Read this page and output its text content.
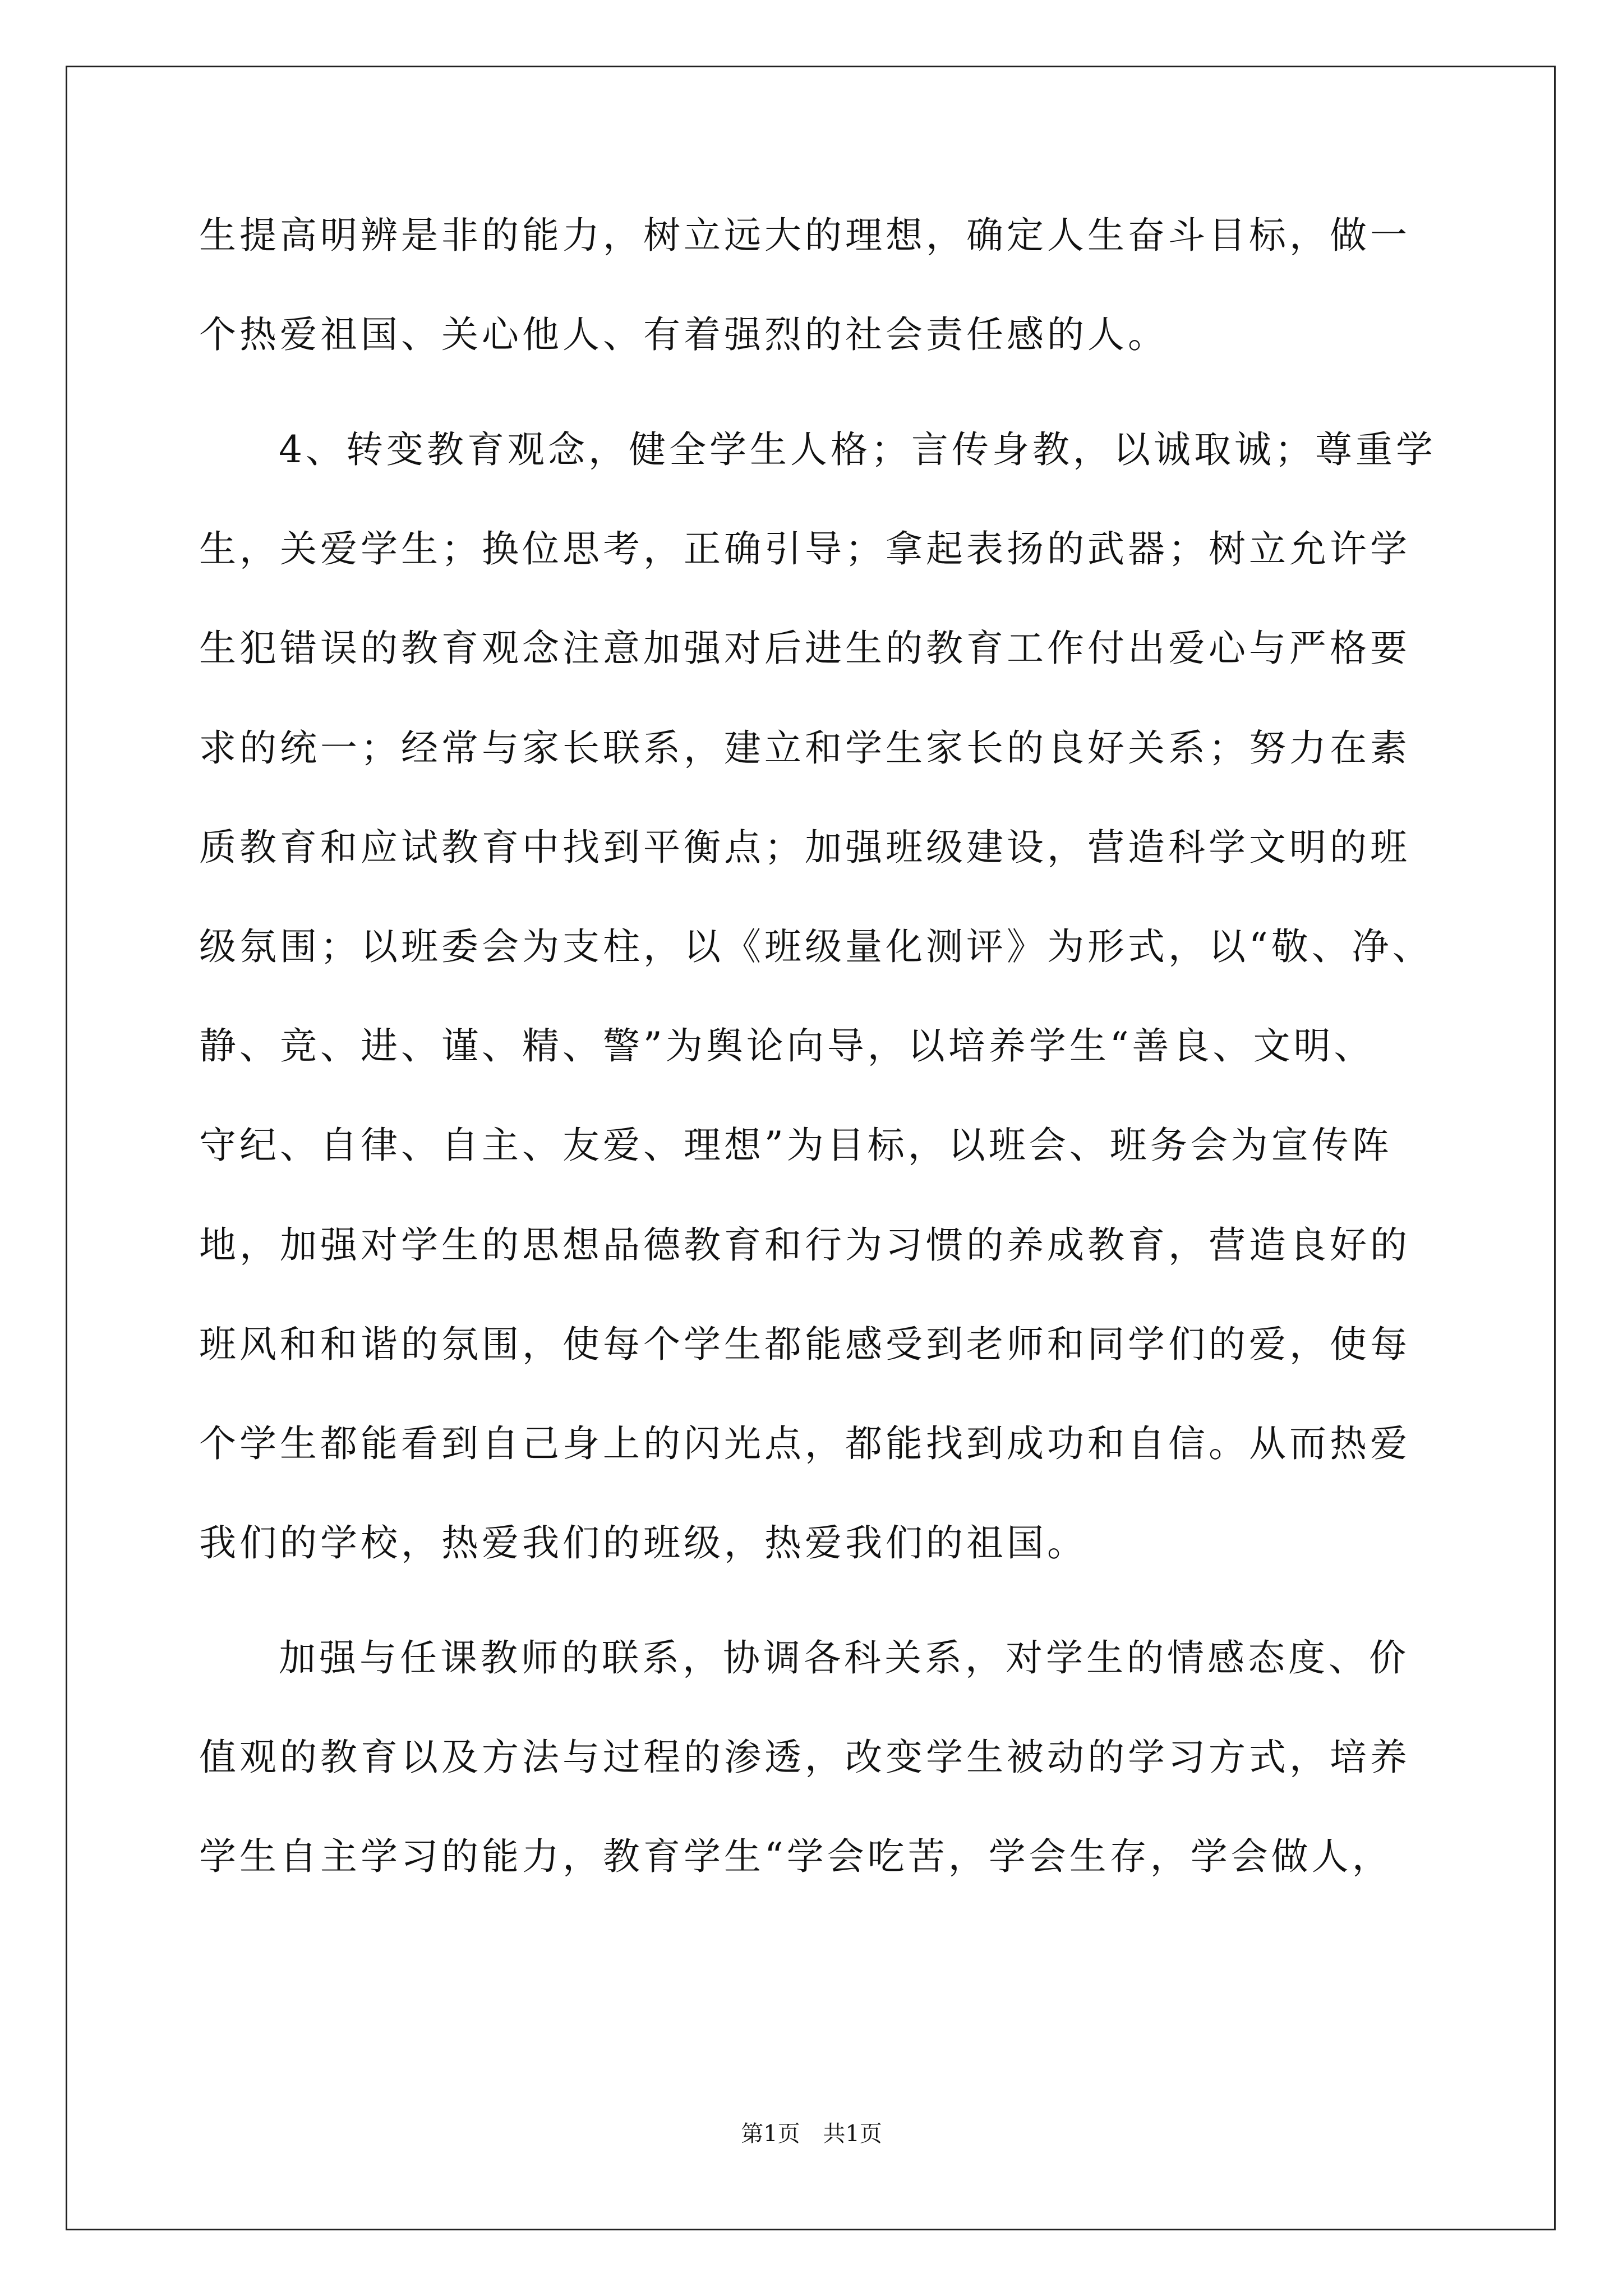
生提高明辨是非的能力，树立远大的理想，确定人生奋斗目标，做一
个热爱祖国、关心他人、有着强烈的社会责任感的人。
4、转变教育观念，健全学生人格；言传身教，以诚取诚；尊重学
生，关爱学生；换位思考，正确引导；拿起表扬的武器；树立允许学
生犯错误的教育观念注意加强对后进生的教育工作付出爱心与严格要
求的统一；经常与家长联系，建立和学生家长的良好关系；努力在素
质教育和应试教育中找到平衡点；加强班级建设，营造科学文明的班
级氛围；以班委会为支柱，以《班级量化测评》为形式，以“敬、净、
静、竞、进、谨、精、警”为舆论向导，以培养学生“善良、文明、
守纪、自律、自主、友爱、理想”为目标，以班会、班务会为宣传阵
地，加强对学生的思想品德教育和行为习惯的养成教育，营造良好的
班风和和谐的氛围，使每个学生都能感受到老师和同学们的爱，使每
个学生都能看到自己身上的闪光点，都能找到成功和自信。从而热爱
我们的学校，热爱我们的班级，热爱我们的祖国。
加强与任课教师的联系，协调各科关系，对学生的情感态度、价
值观的教育以及方法与过程的渗透，改变学生被动的学习方式，培养
学生自主学习的能力，教育学生“学会吃苦，学会生存，学会做人，
第1页 共1页
